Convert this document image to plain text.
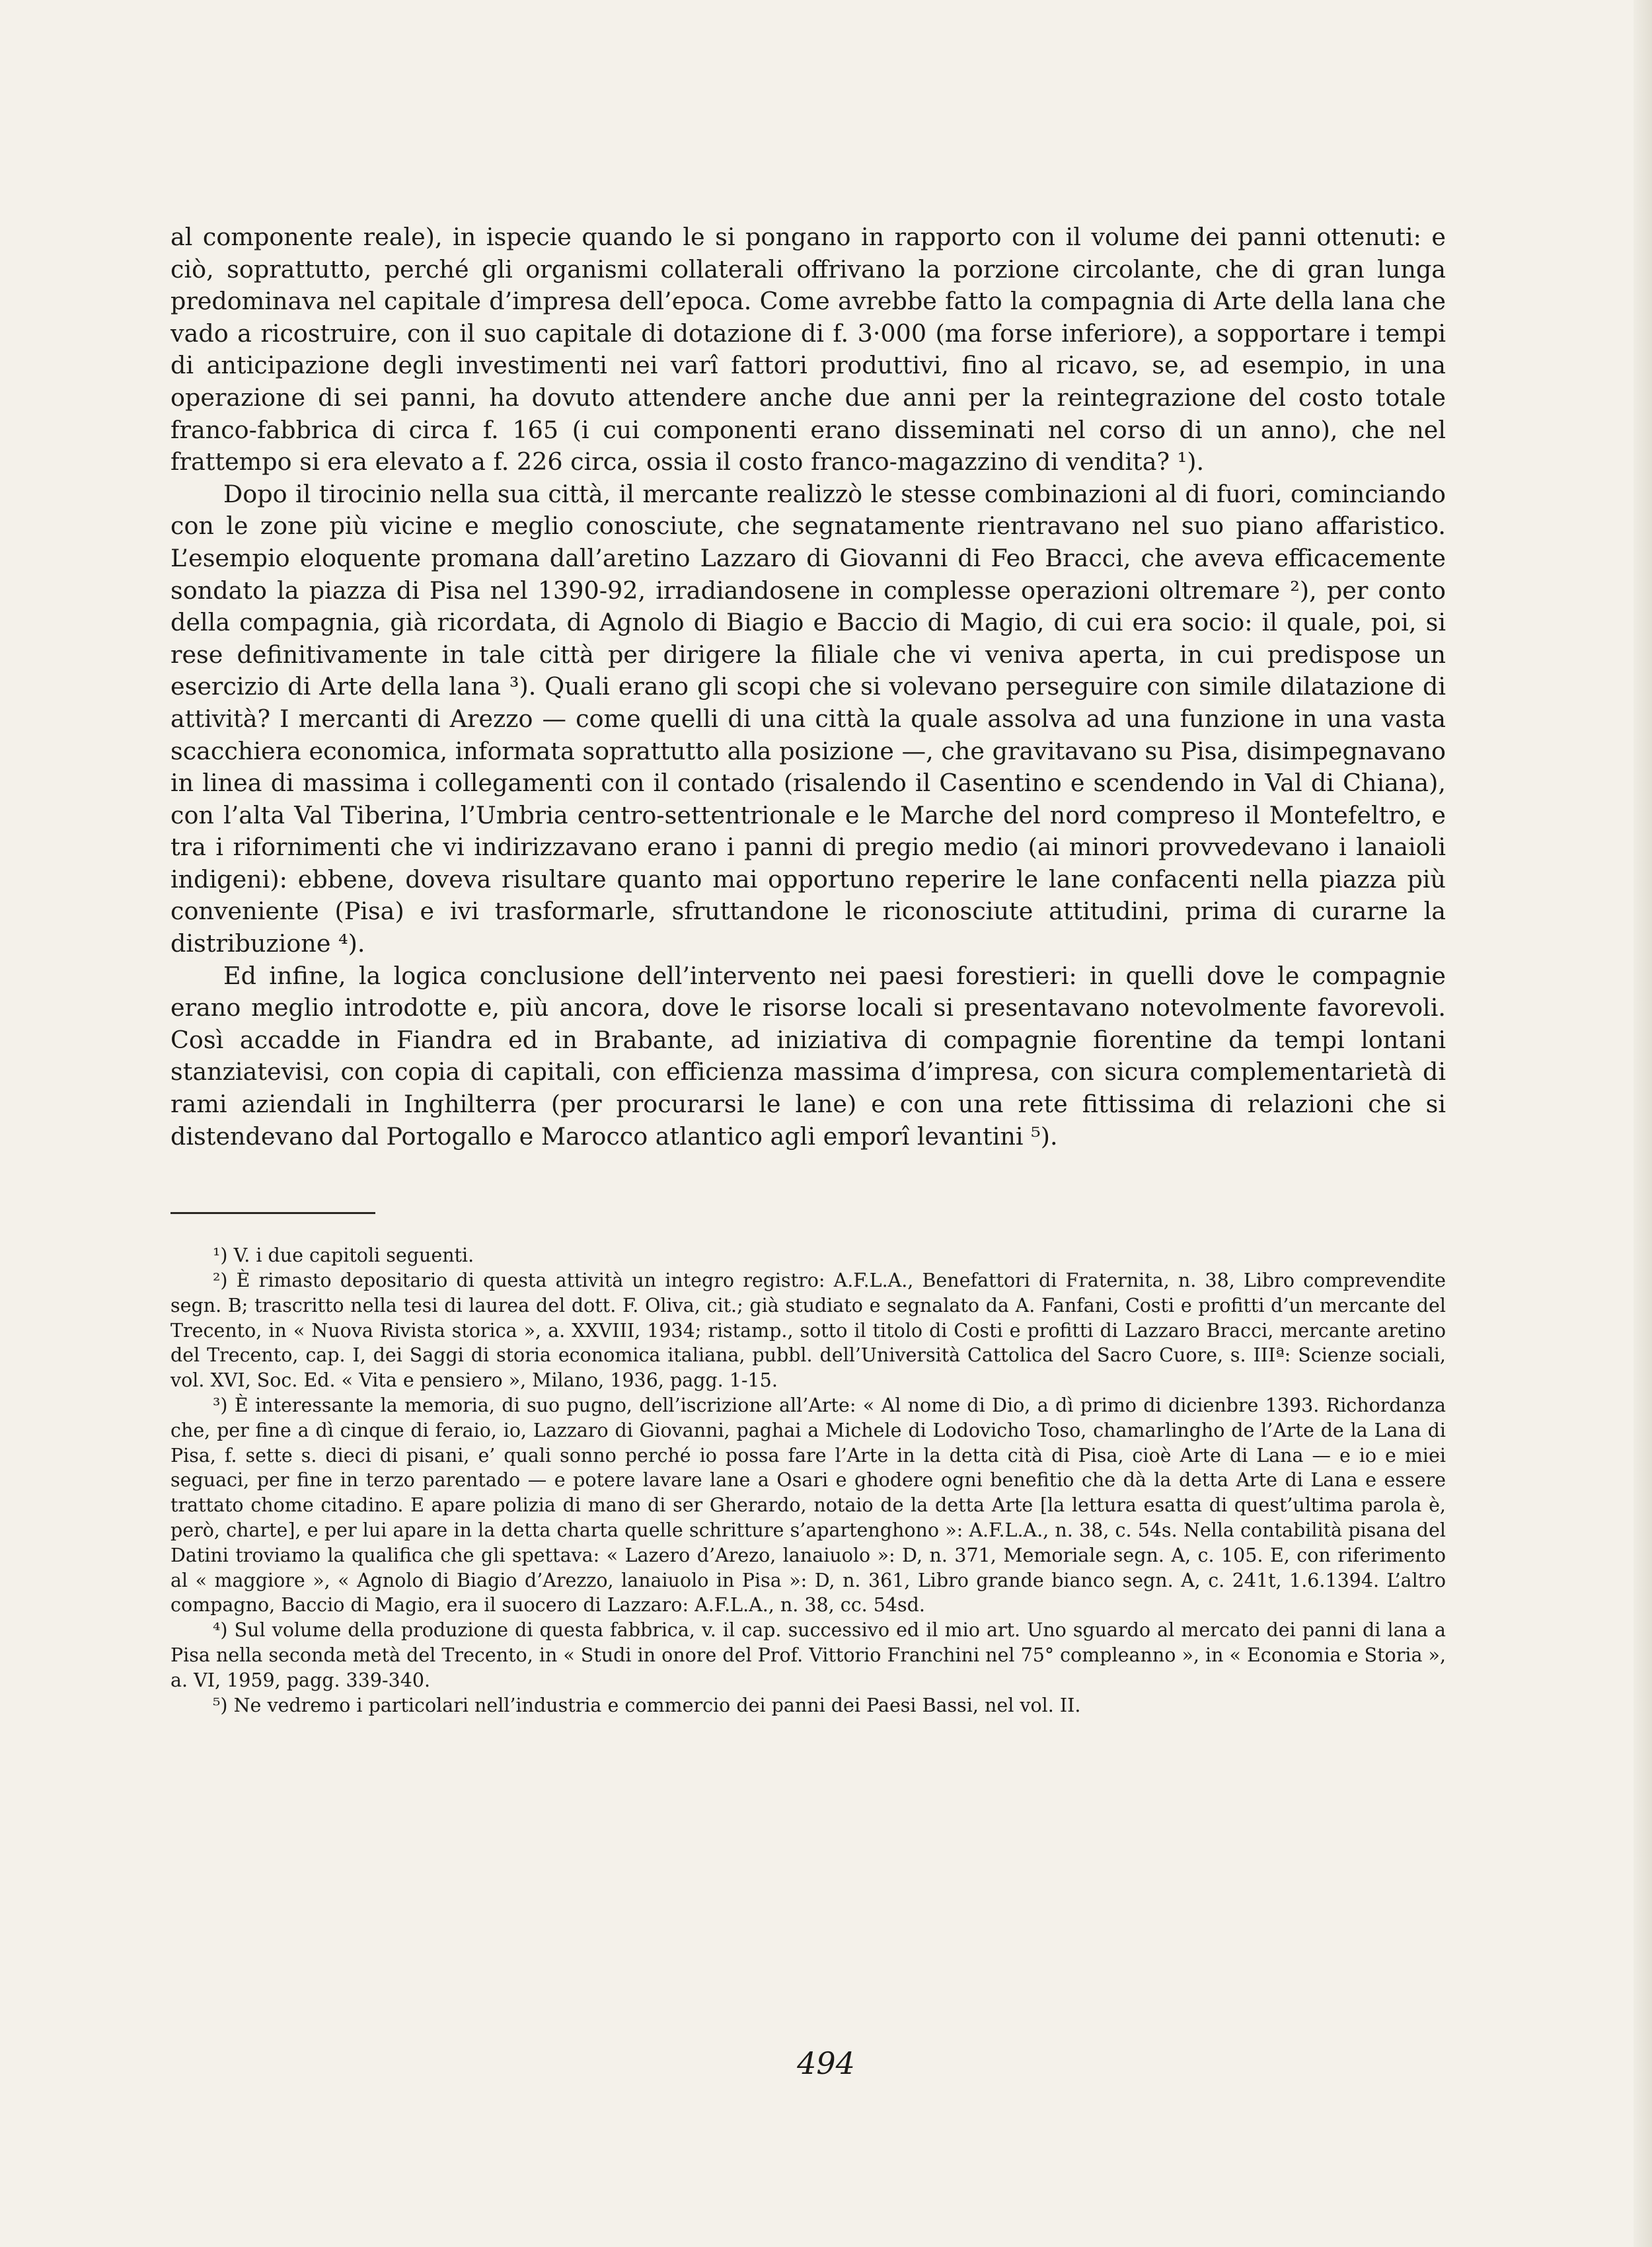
al componente reale), in ispecie quando le si pongano in rapporto con il volume dei panni ottenuti: e ciò, soprattutto, perché gli organismi collaterali offrivano la porzione circolante, che di gran lunga predominava nel capitale d’impresa dell’epoca. Come avrebbe fatto la compagnia di Arte della lana che vado a ricostruire, con il suo capitale di dotazione di f. 3·000 (ma forse inferiore), a sopportare i tempi di anticipazione degli investimenti nei varî fattori produttivi, fino al ricavo, se, ad esempio, in una operazione di sei panni, ha dovuto attendere anche due anni per la reintegrazione del costo totale franco-fabbrica di circa f. 165 (i cui componenti erano disseminati nel corso di un anno), che nel frattempo si era elevato a f. 226 circa, ossia il costo franco-magazzino di vendita? ¹).

Dopo il tirocinio nella sua città, il mercante realizzò le stesse combinazioni al di fuori, cominciando con le zone più vicine e meglio conosciute, che segnatamente rientravano nel suo piano affaristico. L’esempio eloquente promana dall’aretino Lazzaro di Giovanni di Feo Bracci, che aveva efficacemente sondato la piazza di Pisa nel 1390-92, irradiandosene in complesse operazioni oltremare ²), per conto della compagnia, già ricordata, di Agnolo di Biagio e Baccio di Magio, di cui era socio: il quale, poi, si rese definitivamente in tale città per dirigere la filiale che vi veniva aperta, in cui predispose un esercizio di Arte della lana ³). Quali erano gli scopi che si volevano perseguire con simile dilatazione di attività? I mercanti di Arezzo — come quelli di una città la quale assolva ad una funzione in una vasta scacchiera economica, informata soprattutto alla posizione —, che gravitavano su Pisa, disimpegnavano in linea di massima i collegamenti con il contado (risalendo il Casentino e scendendo in Val di Chiana), con l’alta Val Tiberina, l’Umbria centro-settentrionale e le Marche del nord compreso il Montefeltro, e tra i rifornimenti che vi indirizzavano erano i panni di pregio medio (ai minori provvedevano i lanaioli indigeni): ebbene, doveva risultare quanto mai opportuno reperire le lane confacenti nella piazza più conveniente (Pisa) e ivi trasformarle, sfruttandone le riconosciute attitudini, prima di curarne la distribuzione ⁴).

Ed infine, la logica conclusione dell’intervento nei paesi forestieri: in quelli dove le compagnie erano meglio introdotte e, più ancora, dove le risorse locali si presentavano notevolmente favorevoli. Così accadde in Fiandra ed in Brabante, ad iniziativa di compagnie fiorentine da tempi lontani stanziatevisi, con copia di capitali, con efficienza massima d’impresa, con sicura complementarietà di rami aziendali in Inghilterra (per procurarsi le lane) e con una rete fittissima di relazioni che si distendevano dal Portogallo e Marocco atlantico agli emporî levantini ⁵).

¹) V. i due capitoli seguenti.

²) È rimasto depositario di questa attività un integro registro: A.F.L.A., Benefattori di Fraternita, n. 38, Libro comprevendite segn. B; trascritto nella tesi di laurea del dott. F. Oliva, cit.; già studiato e segnalato da A. Fanfani, Costi e profitti d’un mercante del Trecento, in « Nuova Rivista storica », a. XXVIII, 1934; ristamp., sotto il titolo di Costi e profitti di Lazzaro Bracci, mercante aretino del Trecento, cap. I, dei Saggi di storia economica italiana, pubbl. dell’Università Cattolica del Sacro Cuore, s. IIIª: Scienze sociali, vol. XVI, Soc. Ed. « Vita e pensiero », Milano, 1936, pagg. 1-15.

³) È interessante la memoria, di suo pugno, dell’iscrizione all’Arte: « Al nome di Dio, a dì primo di dicienbre 1393. Richordanza che, per fine a dì cinque di feraio, io, Lazzaro di Giovanni, paghai a Michele di Lodovicho Toso, chamarlingho de l’Arte de la Lana di Pisa, f. sette s. dieci di pisani, e’ quali sonno perché io possa fare l’Arte in la detta cità di Pisa, cioè Arte di Lana — e io e miei seguaci, per fine in terzo parentado — e potere lavare lane a Osari e ghodere ogni benefitio che dà la detta Arte di Lana e essere trattato chome citadino. E apare polizia di mano di ser Gherardo, notaio de la detta Arte [la lettura esatta di quest’ultima parola è, però, charte], e per lui apare in la detta charta quelle schritture s’apartenghono »: A.F.L.A., n. 38, c. 54s. Nella contabilità pisana del Datini troviamo la qualifica che gli spettava: « Lazero d’Arezo, lanaiuolo »: D, n. 371, Memoriale segn. A, c. 105. E, con riferimento al « maggiore », « Agnolo di Biagio d’Arezzo, lanaiuolo in Pisa »: D, n. 361, Libro grande bianco segn. A, c. 241t, 1.6.1394. L’altro compagno, Baccio di Magio, era il suocero di Lazzaro: A.F.L.A., n. 38, cc. 54sd.

⁴) Sul volume della produzione di questa fabbrica, v. il cap. successivo ed il mio art. Uno sguardo al mercato dei panni di lana a Pisa nella seconda metà del Trecento, in « Studi in onore del Prof. Vittorio Franchini nel 75° compleanno », in « Economia e Storia », a. VI, 1959, pagg. 339-340.

⁵) Ne vedremo i particolari nell’industria e commercio dei panni dei Paesi Bassi, nel vol. II.

494
